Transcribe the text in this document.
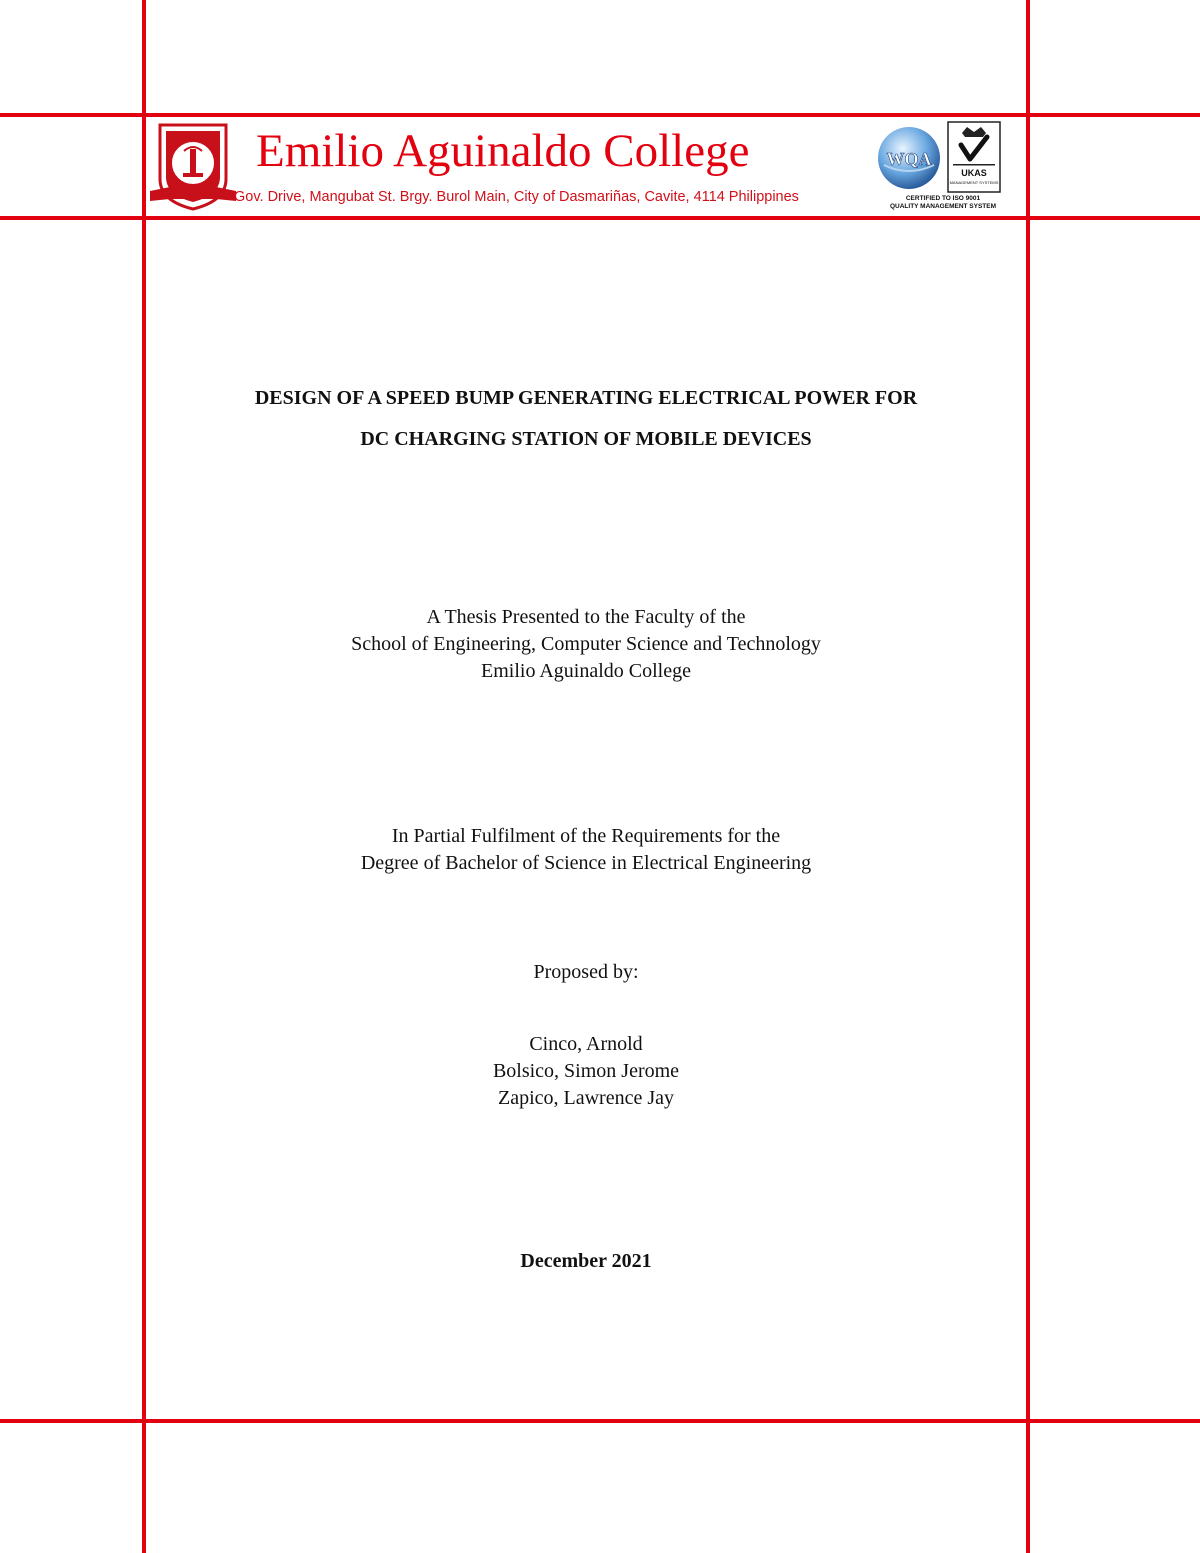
Emilio Aguinaldo College
Gov. Drive, Mangubat St. Brgy. Burol Main, City of Dasmariñas, Cavite, 4114 Philippines
WQA
UKAS
MANAGEMENT SYSTEMS
CERTIFIED TO ISO 9001
QUALITY MANAGEMENT SYSTEM
DESIGN OF A SPEED BUMP GENERATING ELECTRICAL POWER FOR
DC CHARGING STATION OF MOBILE DEVICES
A Thesis Presented to the Faculty of the
School of Engineering, Computer Science and Technology
Emilio Aguinaldo College
In Partial Fulfilment of the Requirements for the
Degree of Bachelor of Science in Electrical Engineering
Proposed by:
Cinco, Arnold
Bolsico, Simon Jerome
Zapico, Lawrence Jay
December 2021
